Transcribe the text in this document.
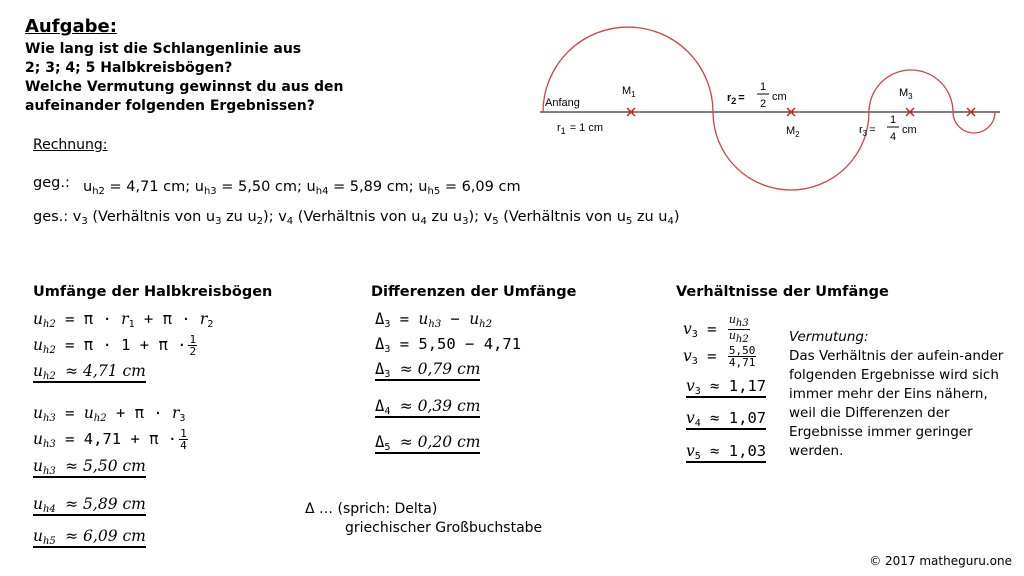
Aufgabe:
Wie lang ist die Schlangenlinie aus
2; 3; 4; 5 Halbkreisbögen?
Welche Vermutung gewinnst du aus den
aufeinander folgenden Ergebnissen?	Anfang
$r_1 = 1$ cm
$M_1$
$M_2$
$M_3$
$r_2$ =
1
2
cm
$r_3$ =
1
4
cm
Rechnung:
geg.: $u_{h2} = 4,71$ cm; $u_{h3} = 5,50$ cm; $u_{h4} = 5,89$ cm; $u_{h5} = 6,09$ cm
ges.: $v_3$ (Verhältnis von $u_3$ zu $u_2$); $v_4$ (Verhältnis von $u_4$ zu $u_3$); $v_5$ (Verhältnis von $u_5$ zu $u_4$)
Umfänge der Halbkreisbögen	Differenzen der Umfänge	Verhältnisse der Umfänge
$u_{h2} = \pi \cdot r_1 + \pi \cdot r_2$
$u_{h2} = \pi \cdot 1 + \pi \cdot \frac{1}{2}$
$u_{h2} \approx 4,71$ cm
$u_{h3} = u_{h2} + \pi \cdot r_3$
$u_{h3} = 4,71 + \pi \cdot \frac{1}{4}$
$u_{h3} \approx 5,50$ cm
$u_{h4} \approx 5,89$ cm
$u_{h5} \approx 6,09$ cm
$\Delta_3 = u_{h3} - u_{h2}$
$\Delta_3 = 5,50 - 4,71$
$\Delta_3 \approx 0,79$ cm
$\Delta_4 \approx 0,39$ cm
$\Delta_5 \approx 0,20$ cm
$v_3 = \frac{u_{h3}}{u_{h2}}$
$v_3 = \frac{5,50}{4,71}$
$v_3 \approx 1,17$
$v_4 \approx 1,07$
$v_5 \approx 1,03$
Vermutung:
Das Verhältnis der aufein-ander folgenden Ergebnisse wird sich immer mehr der Eins nähern, weil die Differenzen der Ergebnisse immer geringer werden.
Δ … (sprich: Delta)
griechischer Großbuchstabe
© 2017 matheguru.one
